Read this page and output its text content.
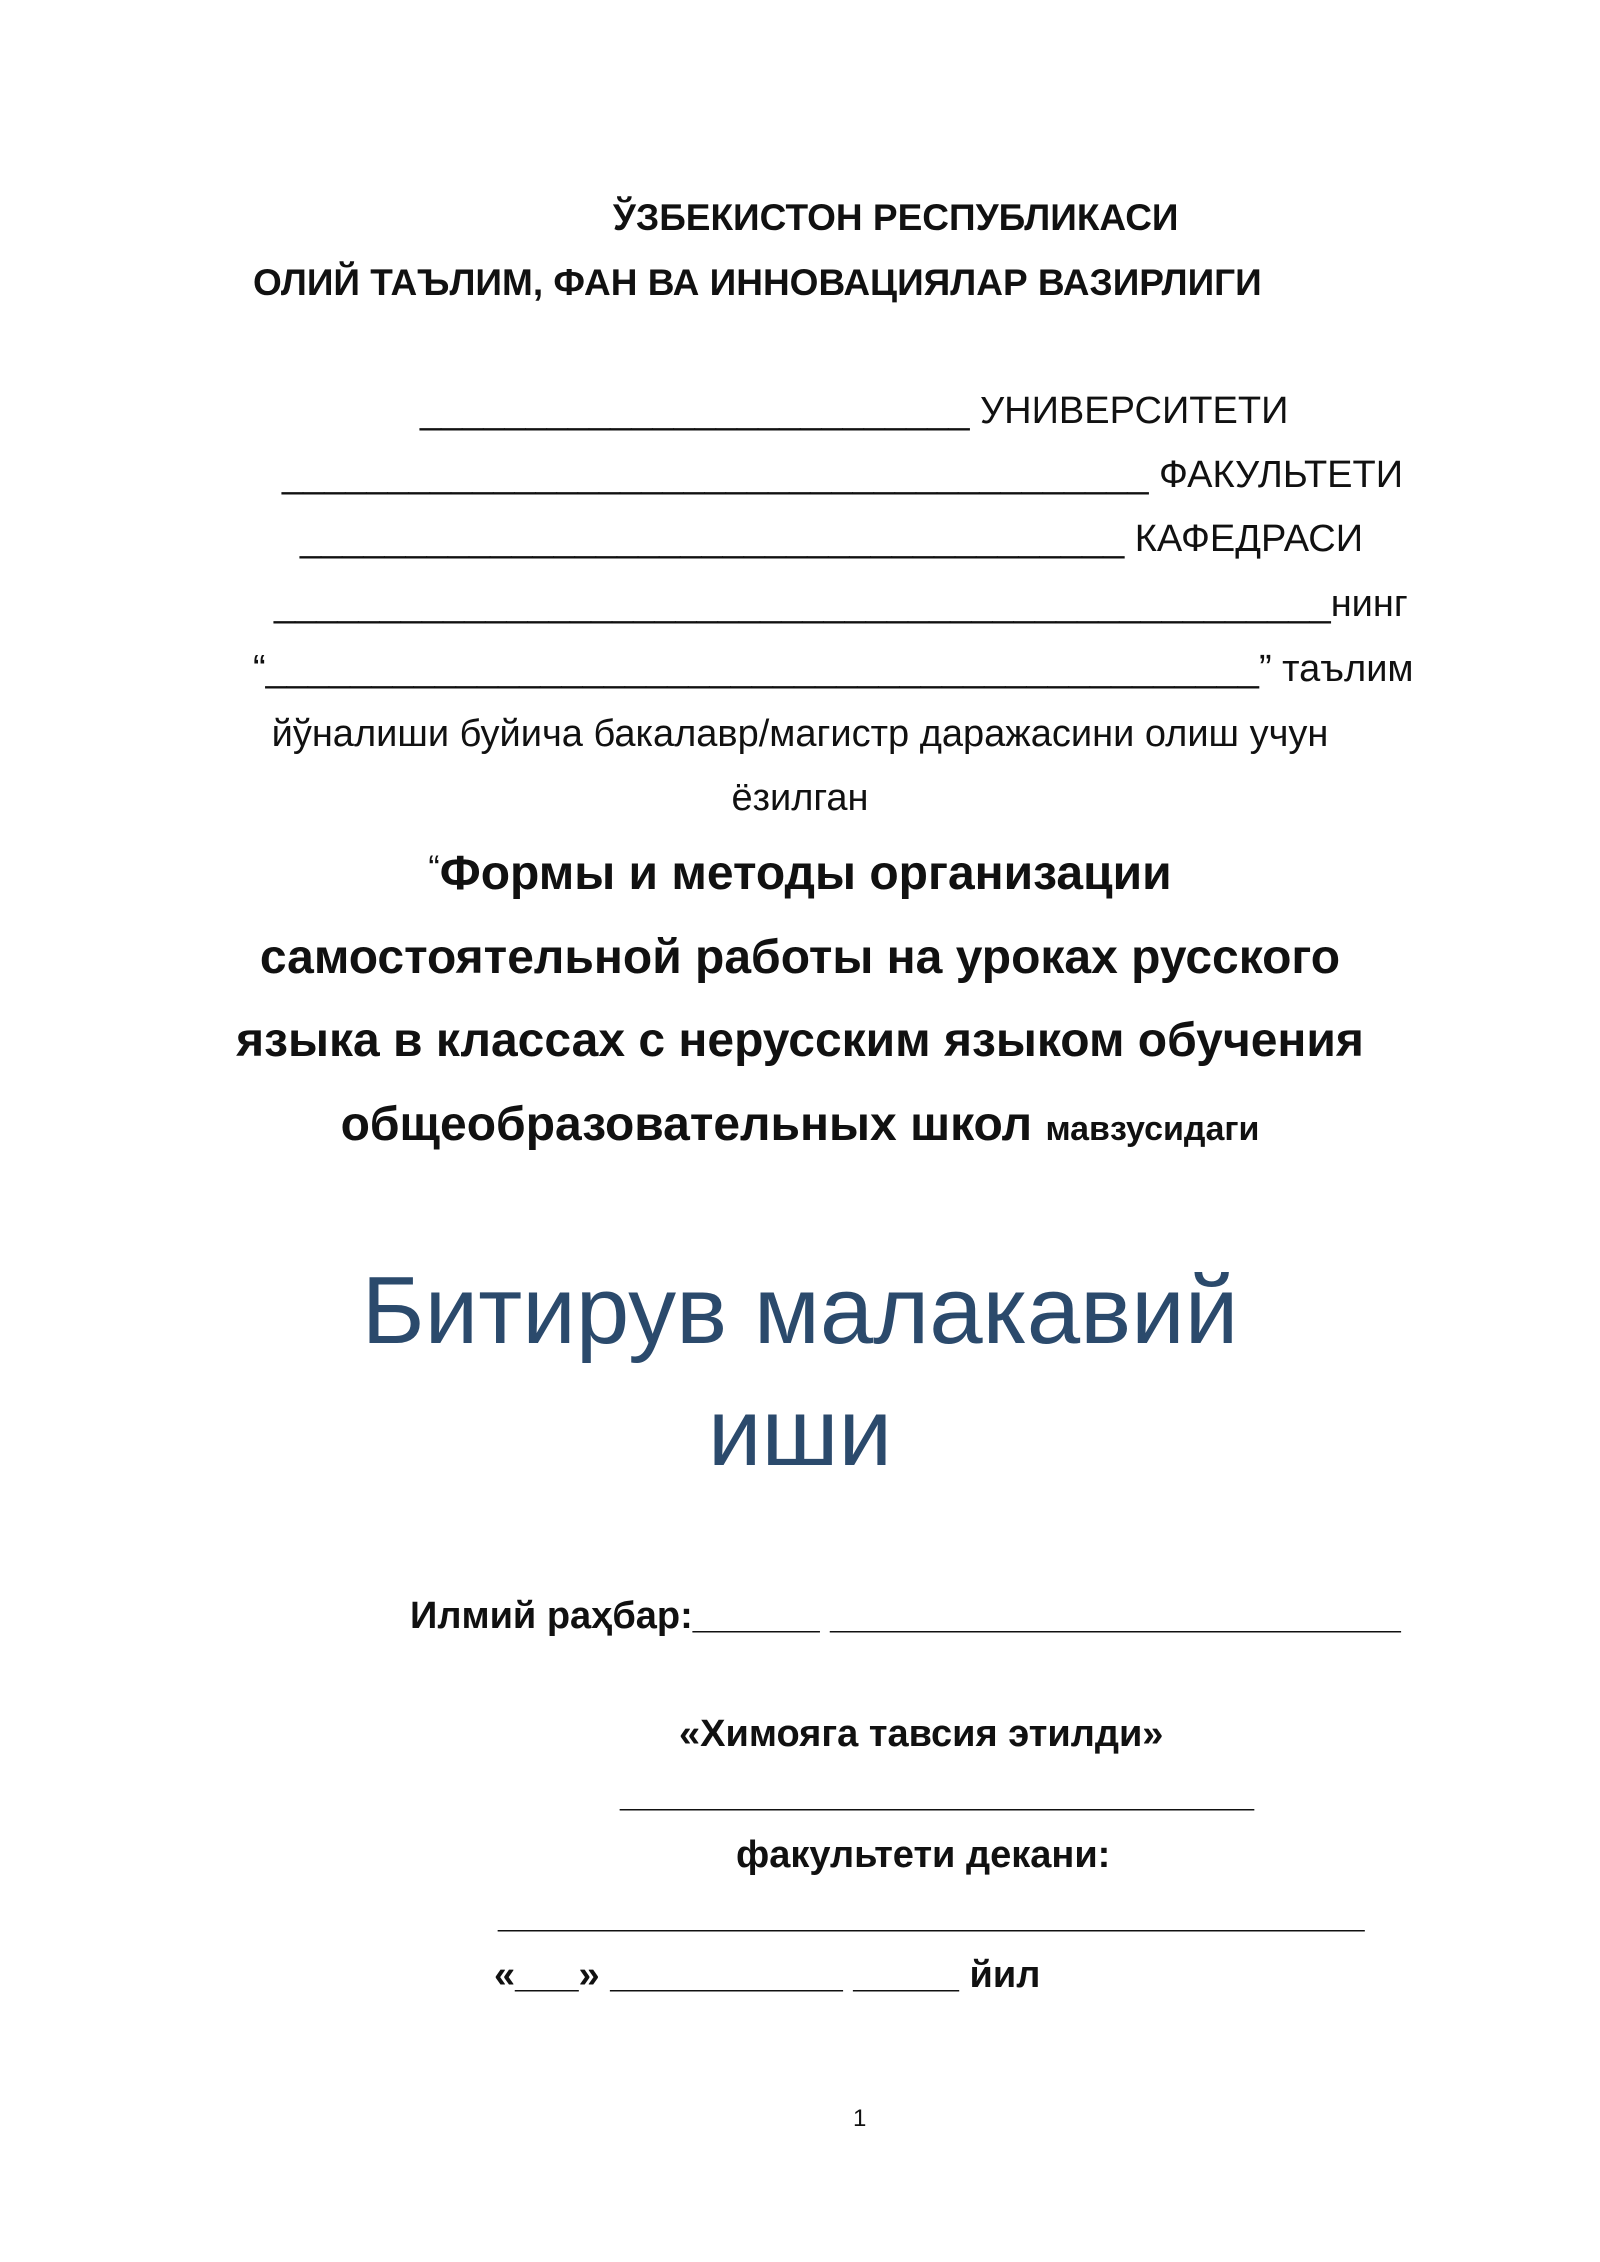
ЎЗБЕКИСТОН РЕСПУБЛИКАСИ
ОЛИЙ ТАЪЛИМ, ФАН ВА ИННОВАЦИЯЛАР ВАЗИРЛИГИ
__________________________ УНИВЕРСИТЕТИ
_________________________________________ ФАКУЛЬТЕТИ
_______________________________________ КАФЕДРАСИ
__________________________________________________нинг
“_______________________________________________” таълим
йўналиши буйича бакалавр/магистр даражасини олиш учун
ёзилган
“Формы и методы организации
самостоятельной работы на уроках русского
языка в классах с нерусским языком обучения
общеобразовательных школ мавзусидаги
Битирув малакавий
иши
Илмий раҳбар:______ ___________________________
«Химояга тавсия этилди»
______________________________
факультети декани:
_________________________________________
«___» ___________ _____ йил
1
